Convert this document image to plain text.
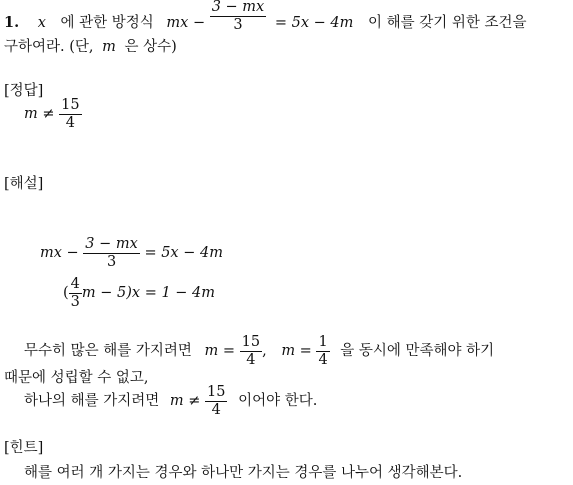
1. x 에 관한 방정식 mx − $\frac{3 - mx}{3} = 5x - 4m$ 이 해를 갖기 위한 조건을
구하여라. (단, m 은 상수)
[정답]
$m \ne \frac{15}{4}$
[해설]
mx − $\frac{3 - mx}{3} = 5x - 4m$
( $\frac{4}{3}$ m − 5)x = 1 − 4m
무수히 많은 해를 가지려면 $m = \frac{15}{4}$ , $m = \frac{1}{4}$ 을 동시에 만족해야 하기
때문에 성립할 수 없고,
하나의 해를 가지려면 $m \ne \frac{15}{4}$ 이어야 한다.
[힌트]
해를 여러 개 가지는 경우와 하나만 가지는 경우를 나누어 생각해본다.
